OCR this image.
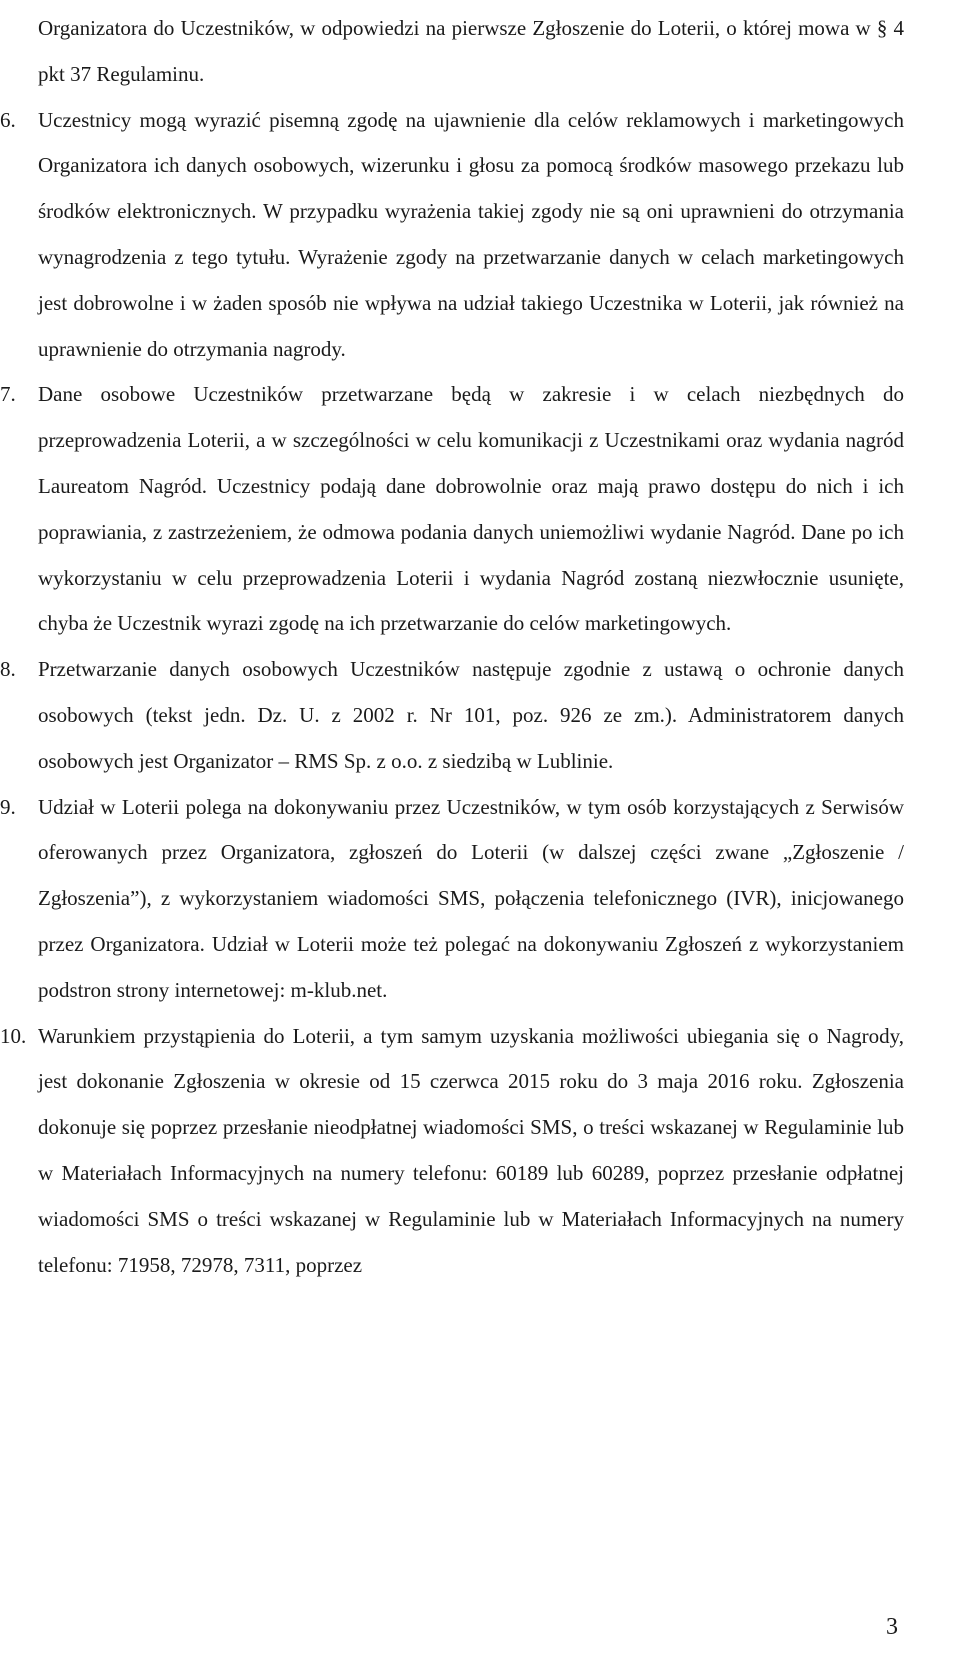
Organizatora do Uczestników, w odpowiedzi na pierwsze Zgłoszenie do Loterii, o której mowa w § 4 pkt 37 Regulaminu.

6. Uczestnicy mogą wyrazić pisemną zgodę na ujawnienie dla celów reklamowych i marketingowych Organizatora ich danych osobowych, wizerunku i głosu za pomocą środków masowego przekazu lub środków elektronicznych. W przypadku wyrażenia takiej zgody nie są oni uprawnieni do otrzymania wynagrodzenia z tego tytułu. Wyrażenie zgody na przetwarzanie danych w celach marketingowych jest dobrowolne i w żaden sposób nie wpływa na udział takiego Uczestnika w Loterii, jak również na uprawnienie do otrzymania nagrody.

7. Dane osobowe Uczestników przetwarzane będą w zakresie i w celach niezbędnych do przeprowadzenia Loterii, a w szczególności w celu komunikacji z Uczestnikami oraz wydania nagród Laureatom Nagród. Uczestnicy podają dane dobrowolnie oraz mają prawo dostępu do nich i ich poprawiania, z zastrzeżeniem, że odmowa podania danych uniemożliwi wydanie Nagród. Dane po ich wykorzystaniu w celu przeprowadzenia Loterii i wydania Nagród zostaną niezwłocznie usunięte, chyba że Uczestnik wyrazi zgodę na ich przetwarzanie do celów marketingowych.

8. Przetwarzanie danych osobowych Uczestników następuje zgodnie z ustawą o ochronie danych osobowych (tekst jedn. Dz. U. z 2002 r. Nr 101, poz. 926 ze zm.). Administratorem danych osobowych jest Organizator – RMS Sp. z o.o. z siedzibą w Lublinie.

9. Udział w Loterii polega na dokonywaniu przez Uczestników, w tym osób korzystających z Serwisów oferowanych przez Organizatora, zgłoszeń do Loterii (w dalszej części zwane „Zgłoszenie / Zgłoszenia”), z wykorzystaniem wiadomości SMS, połączenia telefonicznego (IVR), inicjowanego przez Organizatora. Udział w Loterii może też polegać na dokonywaniu Zgłoszeń z wykorzystaniem podstron strony internetowej: m-klub.net.

10. Warunkiem przystąpienia do Loterii, a tym samym uzyskania możliwości ubiegania się o Nagrody, jest dokonanie Zgłoszenia w okresie od 15 czerwca 2015 roku do 3 maja 2016 roku. Zgłoszenia dokonuje się poprzez przesłanie nieodpłatnej wiadomości SMS, o treści wskazanej w Regulaminie lub w Materiałach Informacyjnych na numery telefonu: 60189 lub 60289, poprzez przesłanie odpłatnej wiadomości SMS o treści wskazanej w Regulaminie lub w Materiałach Informacyjnych na numery telefonu: 71958, 72978, 7311, poprzez

3
